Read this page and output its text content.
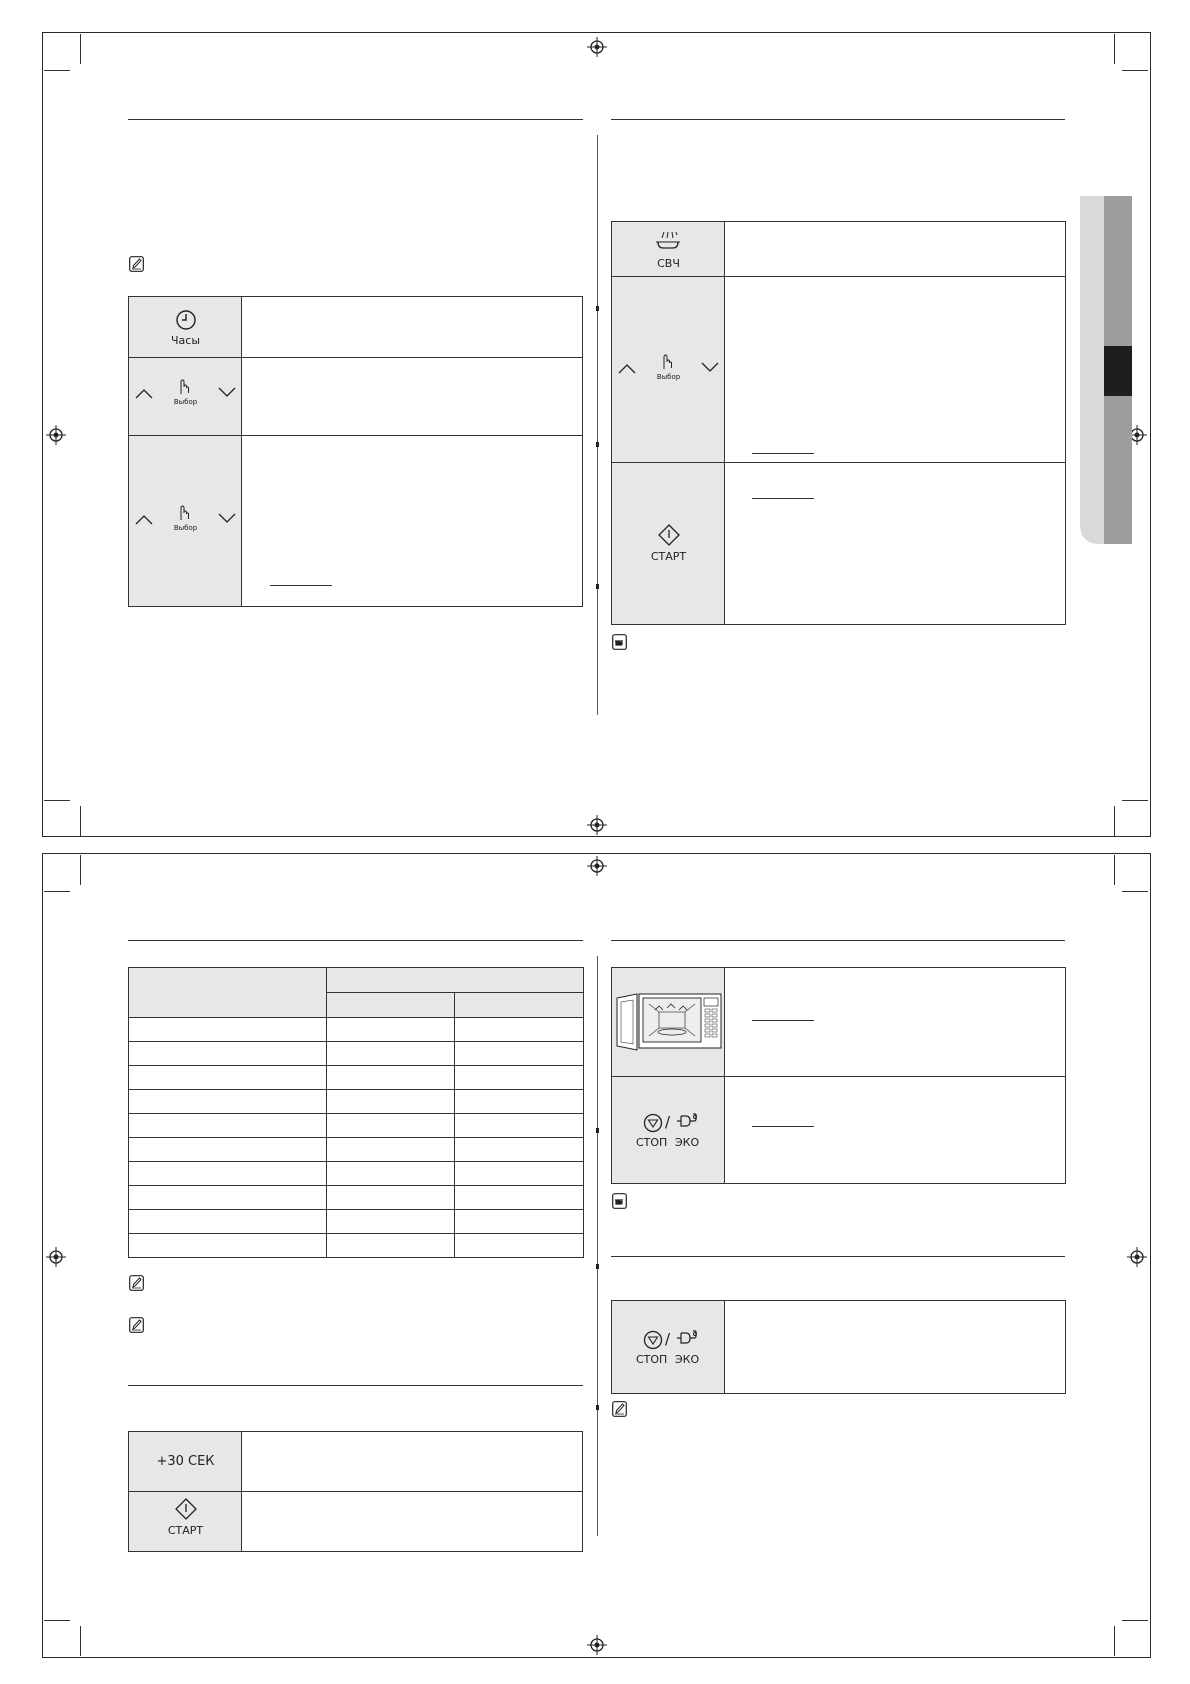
Часы
Выбор
Выбор
СВЧ
Выбор
СТАРТ

+30 СЕК
СТАРТ
/
СТОП ЭКО
/
СТОП ЭКО
